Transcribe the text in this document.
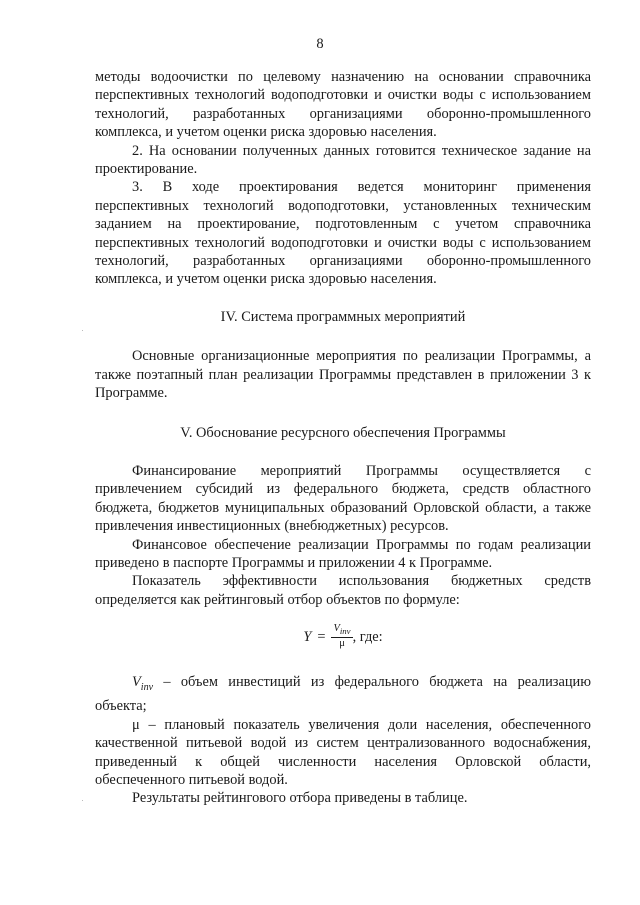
8

методы водоочистки по целевому назначению на основании справочника перспективных технологий водоподготовки и очистки воды с использованием технологий, разработанных организациями оборонно-промышленного комплекса, и учетом оценки риска здоровью населения.

2. На основании полученных данных готовится техническое задание на проектирование.

3. В ходе проектирования ведется мониторинг применения перспективных технологий водоподготовки, установленных техническим заданием на проектирование, подготовленным с учетом справочника перспективных технологий водоподготовки и очистки воды с использованием технологий, разработанных организациями оборонно-промышленного комплекса, и учетом оценки риска здоровью населения.

IV. Система программных мероприятий

Основные организационные мероприятия по реализации Программы, а также поэтапный план реализации Программы представлен в приложении 3 к Программе.

V. Обоснование ресурсного обеспечения Программы

Финансирование мероприятий Программы осуществляется с привлечением субсидий из федерального бюджета, средств областного бюджета, бюджетов муниципальных образований Орловской области, а также привлечения инвестиционных (внебюджетных) ресурсов.

Финансовое обеспечение реализации Программы по годам реализации приведено в паспорте Программы и приложении 4 к Программе.

Показатель эффективности использования бюджетных средств определяется как рейтинговый отбор объектов по формуле:

$Y = \frac{V_{inv}}{\mu}$ , где:

$V_{inv}$ – объем инвестиций из федерального бюджета на реализацию объекта;

μ – плановый показатель увеличения доли населения, обеспеченного качественной питьевой водой из систем централизованного водоснабжения, приведенный к общей численности населения Орловской области, обеспеченного питьевой водой.

Результаты рейтингового отбора приведены в таблице.
